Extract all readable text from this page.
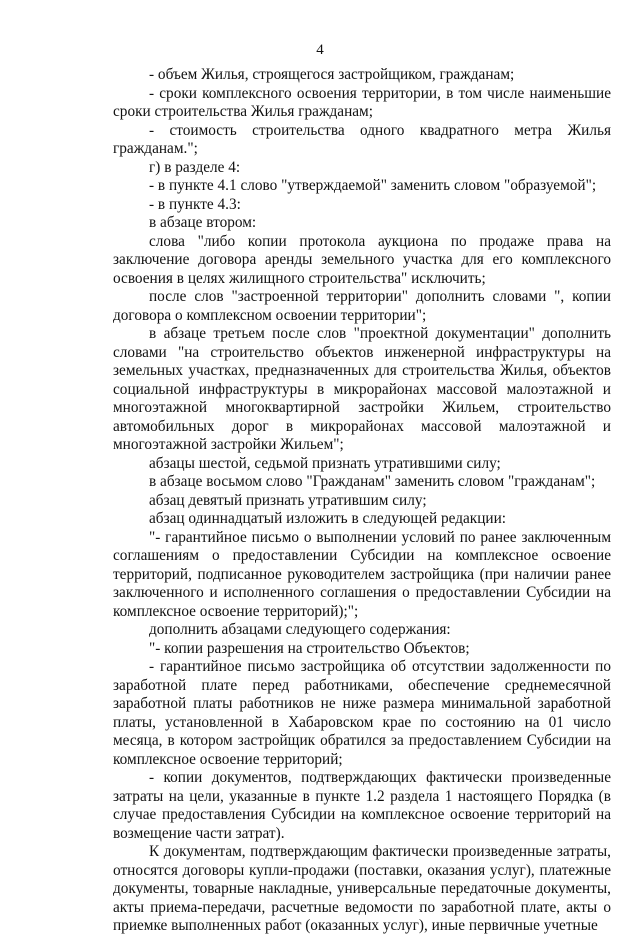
4

- объем Жилья, строящегося застройщиком, гражданам;

- сроки комплексного освоения территории, в том числе наименьшие сроки строительства Жилья гражданам;

- стоимость строительства одного квадратного метра Жилья гражданам.";

г) в разделе 4:

- в пункте 4.1 слово "утверждаемой" заменить словом "образуемой";

- в пункте 4.3:

в абзаце втором:

слова "либо копии протокола аукциона по продаже права на заключение договора аренды земельного участка для его комплексного освоения в целях жилищного строительства" исключить;

после слов "застроенной территории" дополнить словами ", копии договора о комплексном освоении территории";

в абзаце третьем после слов "проектной документации" дополнить словами "на строительство объектов инженерной инфраструктуры на земельных участках, предназначенных для строительства Жилья, объектов социальной инфраструктуры в микрорайонах массовой малоэтажной и многоэтажной многоквартирной застройки Жильем, строительство автомобильных дорог в микрорайонах массовой малоэтажной и многоэтажной застройки Жильем";

абзацы шестой, седьмой признать утратившими силу;

в абзаце восьмом слово "Гражданам" заменить словом "гражданам";

абзац девятый признать утратившим силу;

абзац одиннадцатый изложить в следующей редакции:

"- гарантийное письмо о выполнении условий по ранее заключенным соглашениям о предоставлении Субсидии на комплексное освоение территорий, подписанное руководителем застройщика (при наличии ранее заключенного и исполненного соглашения о предоставлении Субсидии на комплексное освоение территорий);";

дополнить абзацами следующего содержания:

"- копии разрешения на строительство Объектов;

- гарантийное письмо застройщика об отсутствии задолженности по заработной плате перед работниками, обеспечение среднемесячной заработной платы работников не ниже размера минимальной заработной платы, установленной в Хабаровском крае по состоянию на 01 число месяца, в котором застройщик обратился за предоставлением Субсидии на комплексное освоение территорий;

- копии документов, подтверждающих фактически произведенные затраты на цели, указанные в пункте 1.2 раздела 1 настоящего Порядка (в случае предоставления Субсидии на комплексное освоение территорий на возмещение части затрат).

К документам, подтверждающим фактически произведенные затраты, относятся договоры купли-продажи (поставки, оказания услуг), платежные документы, товарные накладные, универсальные передаточные документы, акты приема-передачи, расчетные ведомости по заработной плате, акты о приемке выполненных работ (оказанных услуг), иные первичные учетные
